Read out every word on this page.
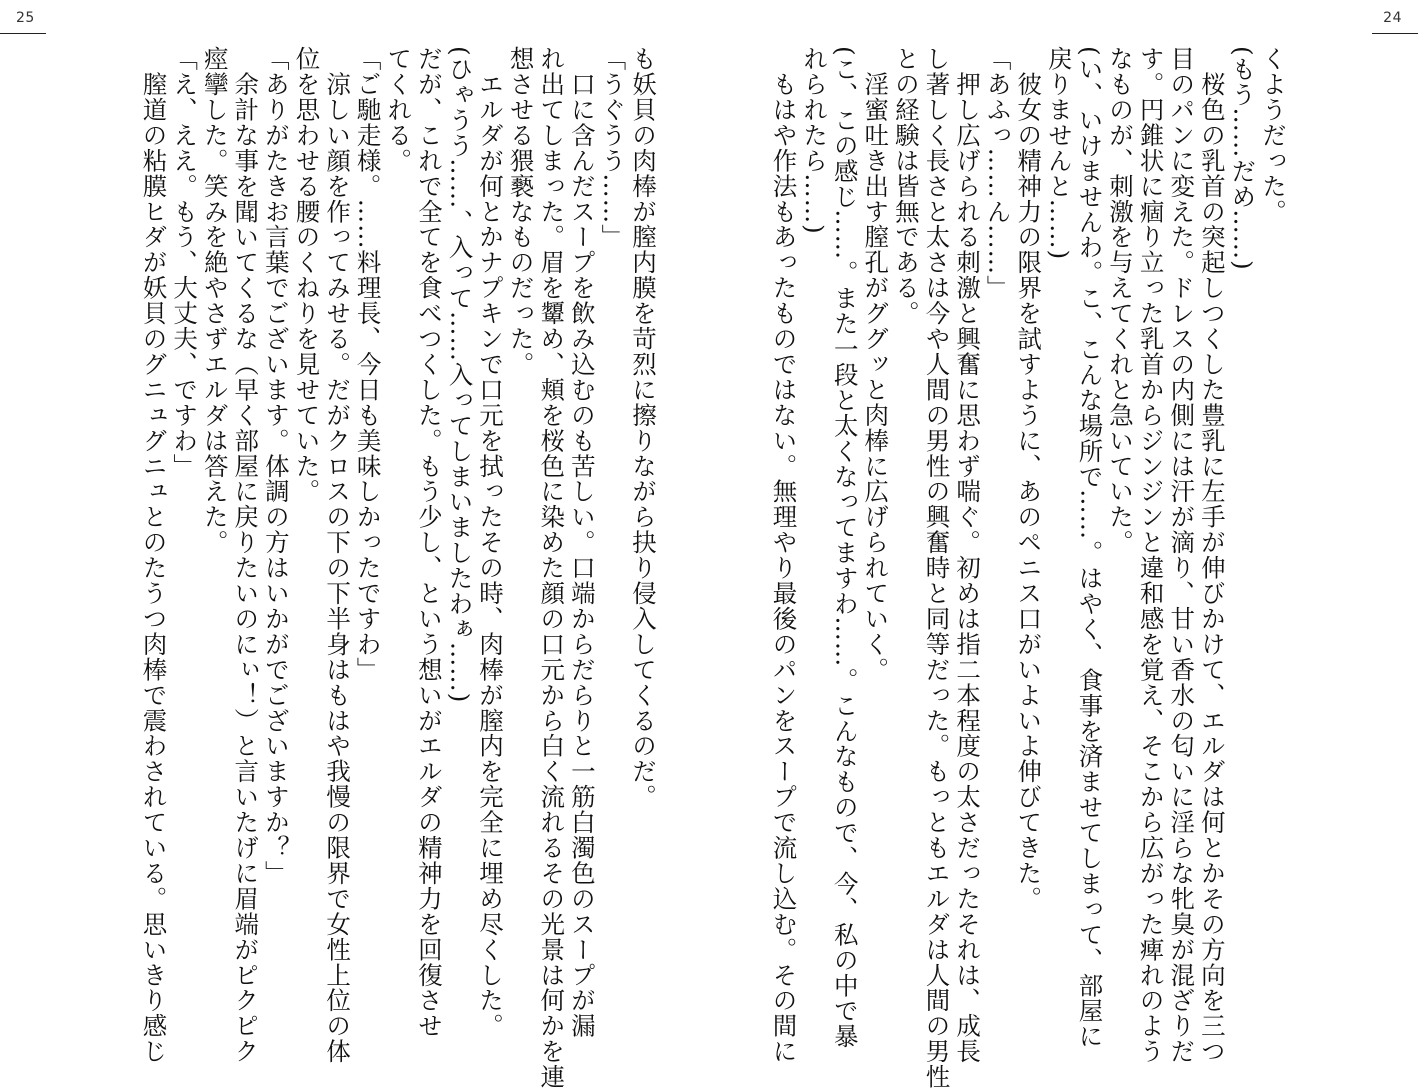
25	24
くようだった。
(もう……だめ……)
　桜色の乳首の突起しつくした豊乳に左手が伸びかけて、エルダは何とかその方向を三つ
目のパンに変えた。ドレスの内側には汗が滴り、甘い香水の匂いに淫らな牝臭が混ざりだ
す。円錐状に痼り立った乳首からジンジンと違和感を覚え、そこから広がった痺れのよう
なものが、刺激を与えてくれと急いていた。
(い、いけませんわ。こ、こんな場所で……。はやく、食事を済ませてしまって、部屋に
戻りませんと……)
　彼女の精神力の限界を試すように、あのペニス口がいよいよ伸びてきた。
「あふっ……ん……」
　押し広げられる刺激と興奮に思わず喘ぐ。初めは指二本程度の太さだったそれは、成長
し著しく長さと太さは今や人間の男性の興奮時と同等だった。もっともエルダは人間の男性
との経験は皆無である。
　淫蜜吐き出す膣孔がググッと肉棒に広げられていく。
(こ、この感じ……。また一段と太くなってますわ……。こんなもので、今、私の中で暴
れられたら……)
　もはや作法もあったものではない。無理やり最後のパンをスープで流し込む。その間に
も妖貝の肉棒が膣内膜を苛烈に擦りながら抉り侵入してくるのだ。
「うぐうう……」
　口に含んだスープを飲み込むのも苦しい。口端からだらりと一筋白濁色のスープが漏
れ出てしまった。眉を顰め、頬を桜色に染めた顔の口元から白く流れるその光景は何かを連
想させる猥褻なものだった。
　エルダが何とかナプキンで口元を拭ったその時、肉棒が膣内を完全に埋め尽くした。
(ひゃうう……、入って……入ってしまいましたわぁ……)
だが、これで全てを食べつくした。もう少し、という想いがエルダの精神力を回復させ
てくれる。
「ご馳走様。……料理長、今日も美味しかったですわ」
　涼しい顔を作ってみせる。だがクロスの下の下半身はもはや我慢の限界で女性上位の体
位を思わせる腰のくねりを見せていた。
「ありがたきお言葉でございます。体調の方はいかがでございますか？」
　余計な事を聞いてくるな（早く部屋に戻りたいのにぃ！）と言いたげに眉端がピクピク
痙攣した。笑みを絶やさずエルダは答えた。
「え、ええ。もう、大丈夫、ですわ」
　膣道の粘膜ヒダが妖貝のグニュグニュとのたうつ肉棒で震わされている。思いきり感じ
